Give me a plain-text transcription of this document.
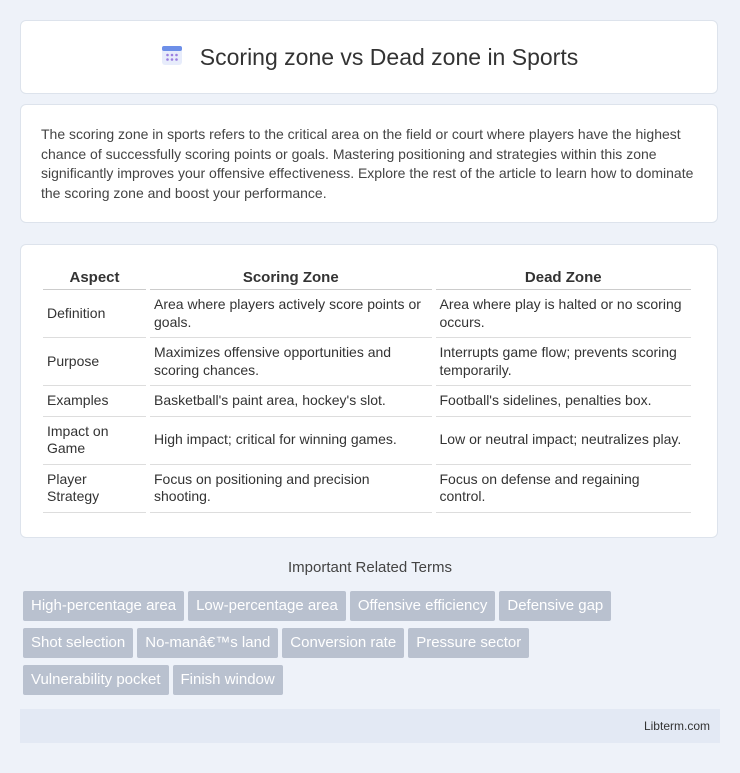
Scoring zone vs Dead zone in Sports
The scoring zone in sports refers to the critical area on the field or court where players have the highest chance of successfully scoring points or goals. Mastering positioning and strategies within this zone significantly improves your offensive effectiveness. Explore the rest of the article to learn how to dominate the scoring zone and boost your performance.
Aspect	Scoring Zone	Dead Zone
Definition	Area where players actively score points or goals.	Area where play is halted or no scoring occurs.
Purpose	Maximizes offensive opportunities and scoring chances.	Interrupts game flow; prevents scoring temporarily.
Examples	Basketball's paint area, hockey's slot.	Football's sidelines, penalties box.
Impact on Game	High impact; critical for winning games.	Low or neutral impact; neutralizes play.
Player Strategy	Focus on positioning and precision shooting.	Focus on defense and regaining control.
Important Related Terms
High-percentage area Low-percentage area Offensive efficiency Defensive gap
Shot selection No-manâ€™s land Conversion rate Pressure sector
Vulnerability pocket Finish window
Libterm.com
